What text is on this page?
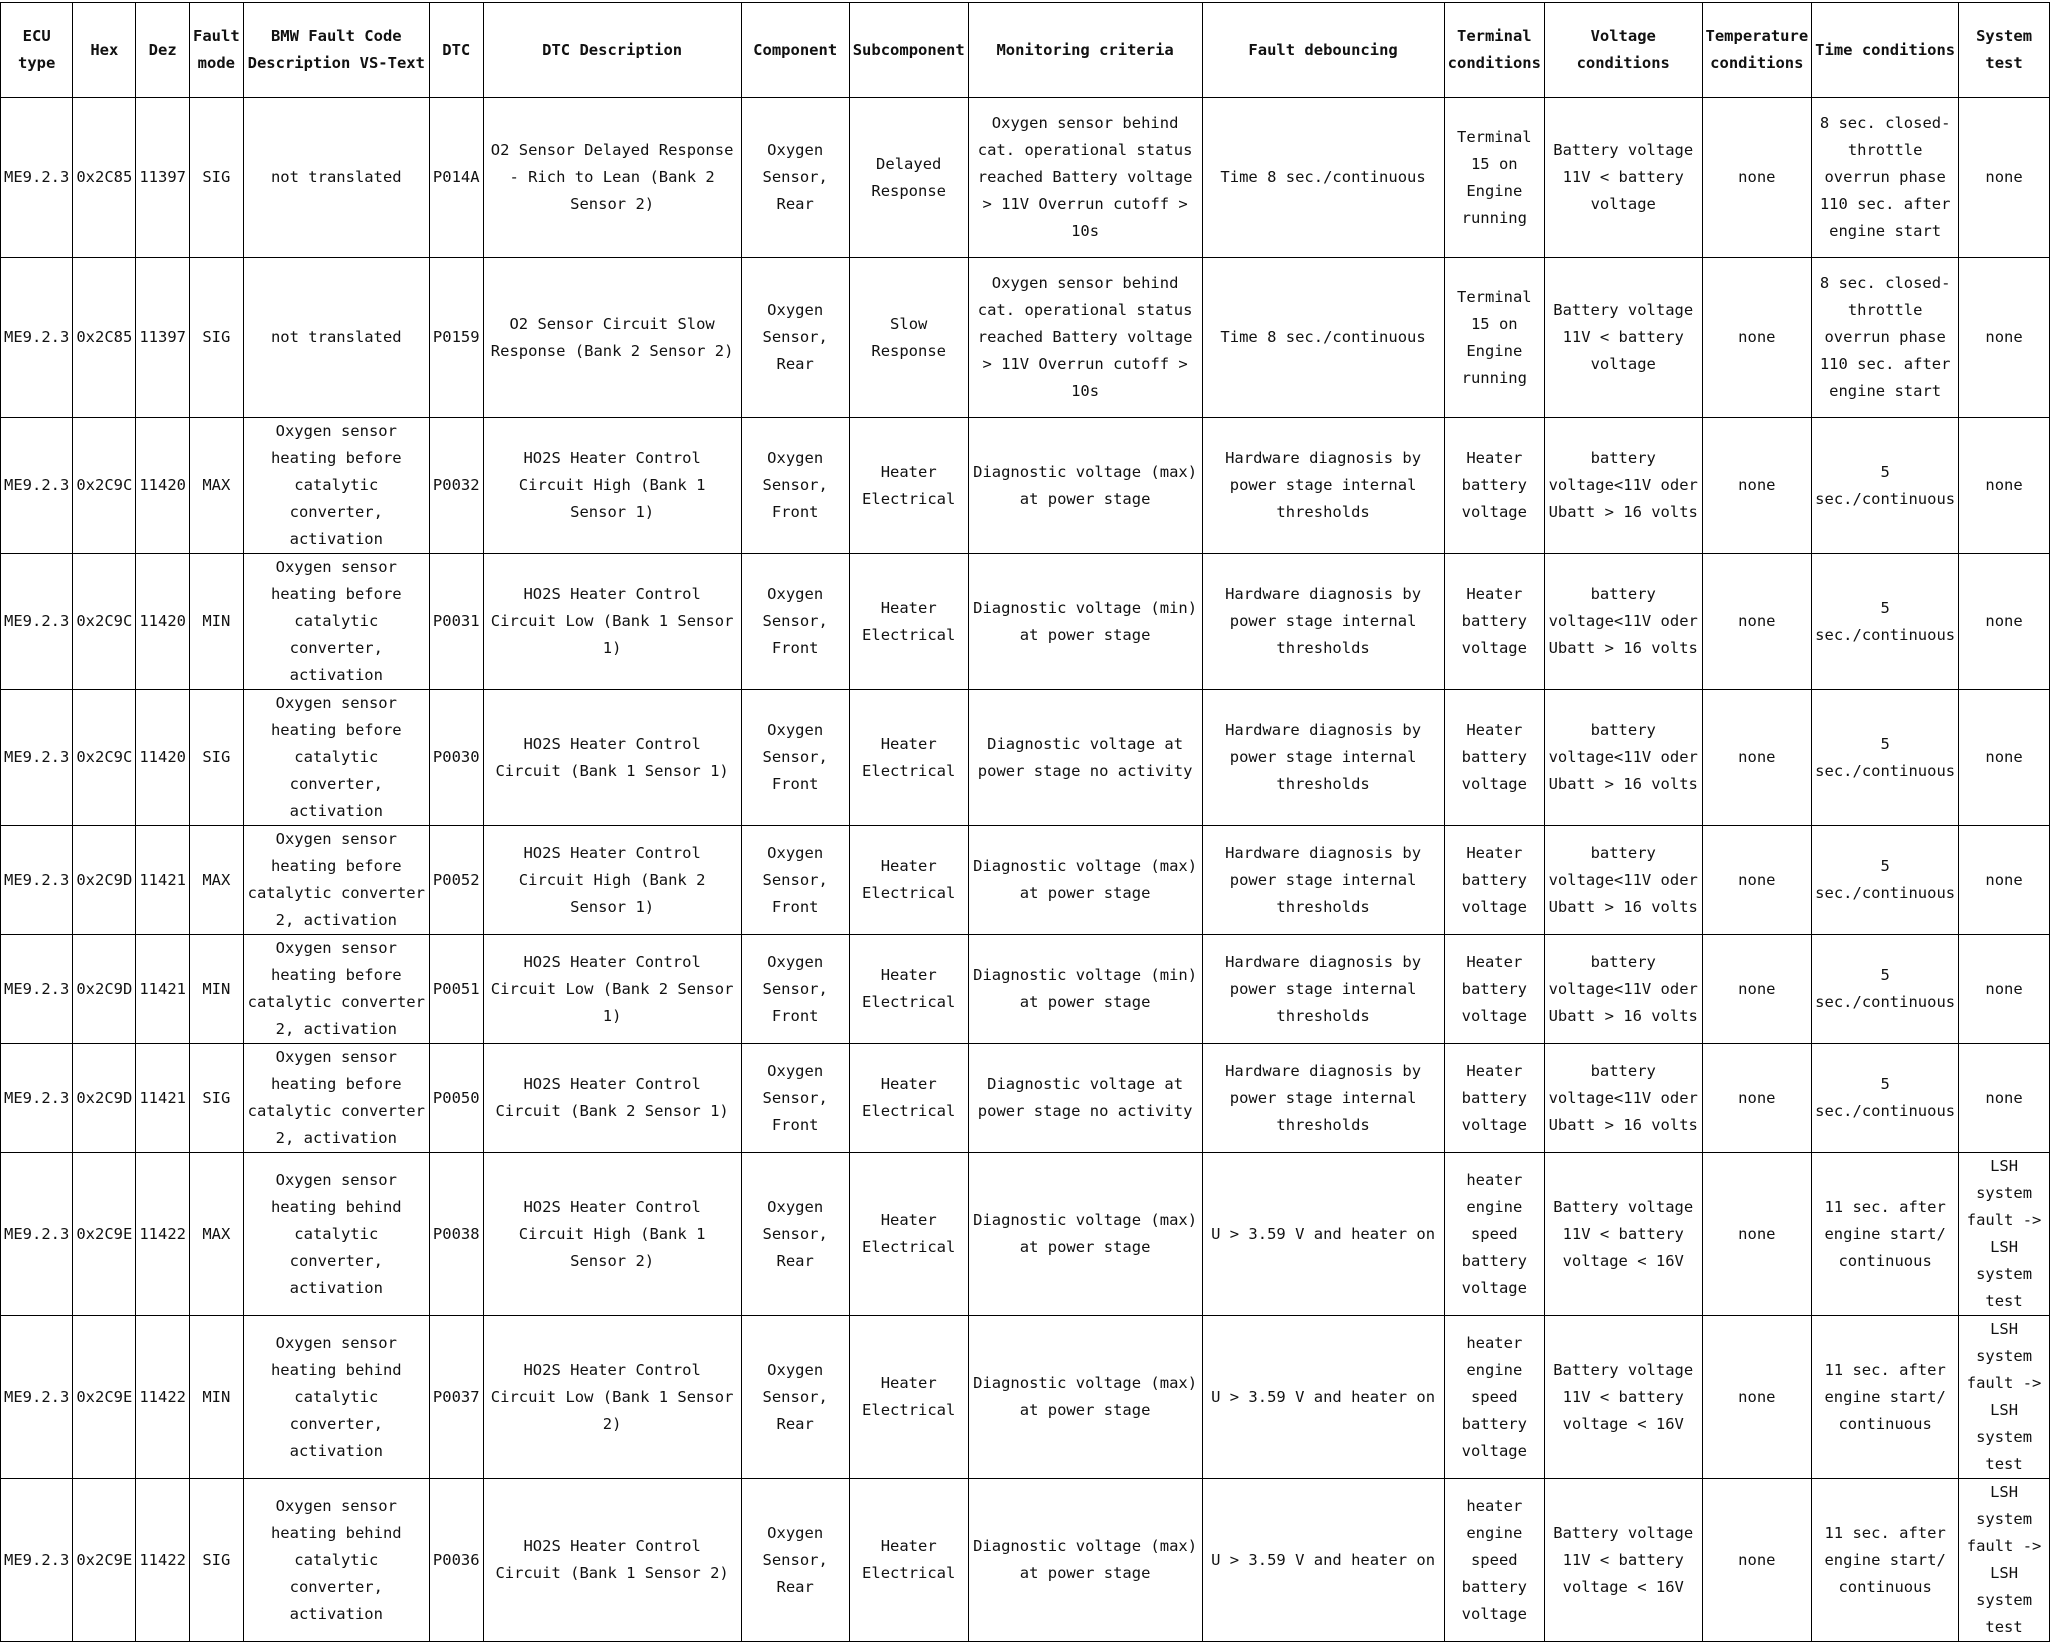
ECU type	Hex	Dez	Fault mode	BMW Fault Code Description VS-Text	DTC	DTC Description	Component	Subcomponent	Monitoring criteria	Fault debouncing	Terminal conditions	Voltage conditions	Temperature conditions	Time conditions	System test
ME9.2.3	0x2C85	11397	SIG	not translated	P014A	O2 Sensor Delayed Response - Rich to Lean (Bank 2 Sensor 2)	Oxygen Sensor, Rear	Delayed Response	Oxygen sensor behind cat. operational status reached Battery voltage > 11V Overrun cutoff > 10s	Time 8 sec./continuous	Terminal 15 on Engine running	Battery voltage 11V < battery voltage	none	8 sec. closed-throttle overrun phase 110 sec. after engine start	none
ME9.2.3	0x2C85	11397	SIG	not translated	P0159	O2 Sensor Circuit Slow Response (Bank 2 Sensor 2)	Oxygen Sensor, Rear	Slow Response	Oxygen sensor behind cat. operational status reached Battery voltage > 11V Overrun cutoff > 10s	Time 8 sec./continuous	Terminal 15 on Engine running	Battery voltage 11V < battery voltage	none	8 sec. closed-throttle overrun phase 110 sec. after engine start	none
ME9.2.3	0x2C9C	11420	MAX	Oxygen sensor heating before catalytic converter, activation	P0032	HO2S Heater Control Circuit High (Bank 1 Sensor 1)	Oxygen Sensor, Front	Heater Electrical	Diagnostic voltage (max) at power stage	Hardware diagnosis by power stage internal thresholds	Heater battery voltage	battery voltage<11V oder Ubatt > 16 volts	none	5 sec./continuous	none
ME9.2.3	0x2C9C	11420	MIN	Oxygen sensor heating before catalytic converter, activation	P0031	HO2S Heater Control Circuit Low (Bank 1 Sensor 1)	Oxygen Sensor, Front	Heater Electrical	Diagnostic voltage (min) at power stage	Hardware diagnosis by power stage internal thresholds	Heater battery voltage	battery voltage<11V oder Ubatt > 16 volts	none	5 sec./continuous	none
ME9.2.3	0x2C9C	11420	SIG	Oxygen sensor heating before catalytic converter, activation	P0030	HO2S Heater Control Circuit (Bank 1 Sensor 1)	Oxygen Sensor, Front	Heater Electrical	Diagnostic voltage at power stage no activity	Hardware diagnosis by power stage internal thresholds	Heater battery voltage	battery voltage<11V oder Ubatt > 16 volts	none	5 sec./continuous	none
ME9.2.3	0x2C9D	11421	MAX	Oxygen sensor heating before catalytic converter 2, activation	P0052	HO2S Heater Control Circuit High (Bank 2 Sensor 1)	Oxygen Sensor, Front	Heater Electrical	Diagnostic voltage (max) at power stage	Hardware diagnosis by power stage internal thresholds	Heater battery voltage	battery voltage<11V oder Ubatt > 16 volts	none	5 sec./continuous	none
ME9.2.3	0x2C9D	11421	MIN	Oxygen sensor heating before catalytic converter 2, activation	P0051	HO2S Heater Control Circuit Low (Bank 2 Sensor 1)	Oxygen Sensor, Front	Heater Electrical	Diagnostic voltage (min) at power stage	Hardware diagnosis by power stage internal thresholds	Heater battery voltage	battery voltage<11V oder Ubatt > 16 volts	none	5 sec./continuous	none
ME9.2.3	0x2C9D	11421	SIG	Oxygen sensor heating before catalytic converter 2, activation	P0050	HO2S Heater Control Circuit (Bank 2 Sensor 1)	Oxygen Sensor, Front	Heater Electrical	Diagnostic voltage at power stage no activity	Hardware diagnosis by power stage internal thresholds	Heater battery voltage	battery voltage<11V oder Ubatt > 16 volts	none	5 sec./continuous	none
ME9.2.3	0x2C9E	11422	MAX	Oxygen sensor heating behind catalytic converter, activation	P0038	HO2S Heater Control Circuit High (Bank 1 Sensor 2)	Oxygen Sensor, Rear	Heater Electrical	Diagnostic voltage (max) at power stage	U > 3.59 V and heater on	heater engine speed battery voltage	Battery voltage 11V < battery voltage < 16V	none	11 sec. after engine start/ continuous	LSH system fault -> LSH system test
ME9.2.3	0x2C9E	11422	MIN	Oxygen sensor heating behind catalytic converter, activation	P0037	HO2S Heater Control Circuit Low (Bank 1 Sensor 2)	Oxygen Sensor, Rear	Heater Electrical	Diagnostic voltage (max) at power stage	U > 3.59 V and heater on	heater engine speed battery voltage	Battery voltage 11V < battery voltage < 16V	none	11 sec. after engine start/ continuous	LSH system fault -> LSH system test
ME9.2.3	0x2C9E	11422	SIG	Oxygen sensor heating behind catalytic converter, activation	P0036	HO2S Heater Control Circuit (Bank 1 Sensor 2)	Oxygen Sensor, Rear	Heater Electrical	Diagnostic voltage (max) at power stage	U > 3.59 V and heater on	heater engine speed battery voltage	Battery voltage 11V < battery voltage < 16V	none	11 sec. after engine start/ continuous	LSH system fault -> LSH system test
